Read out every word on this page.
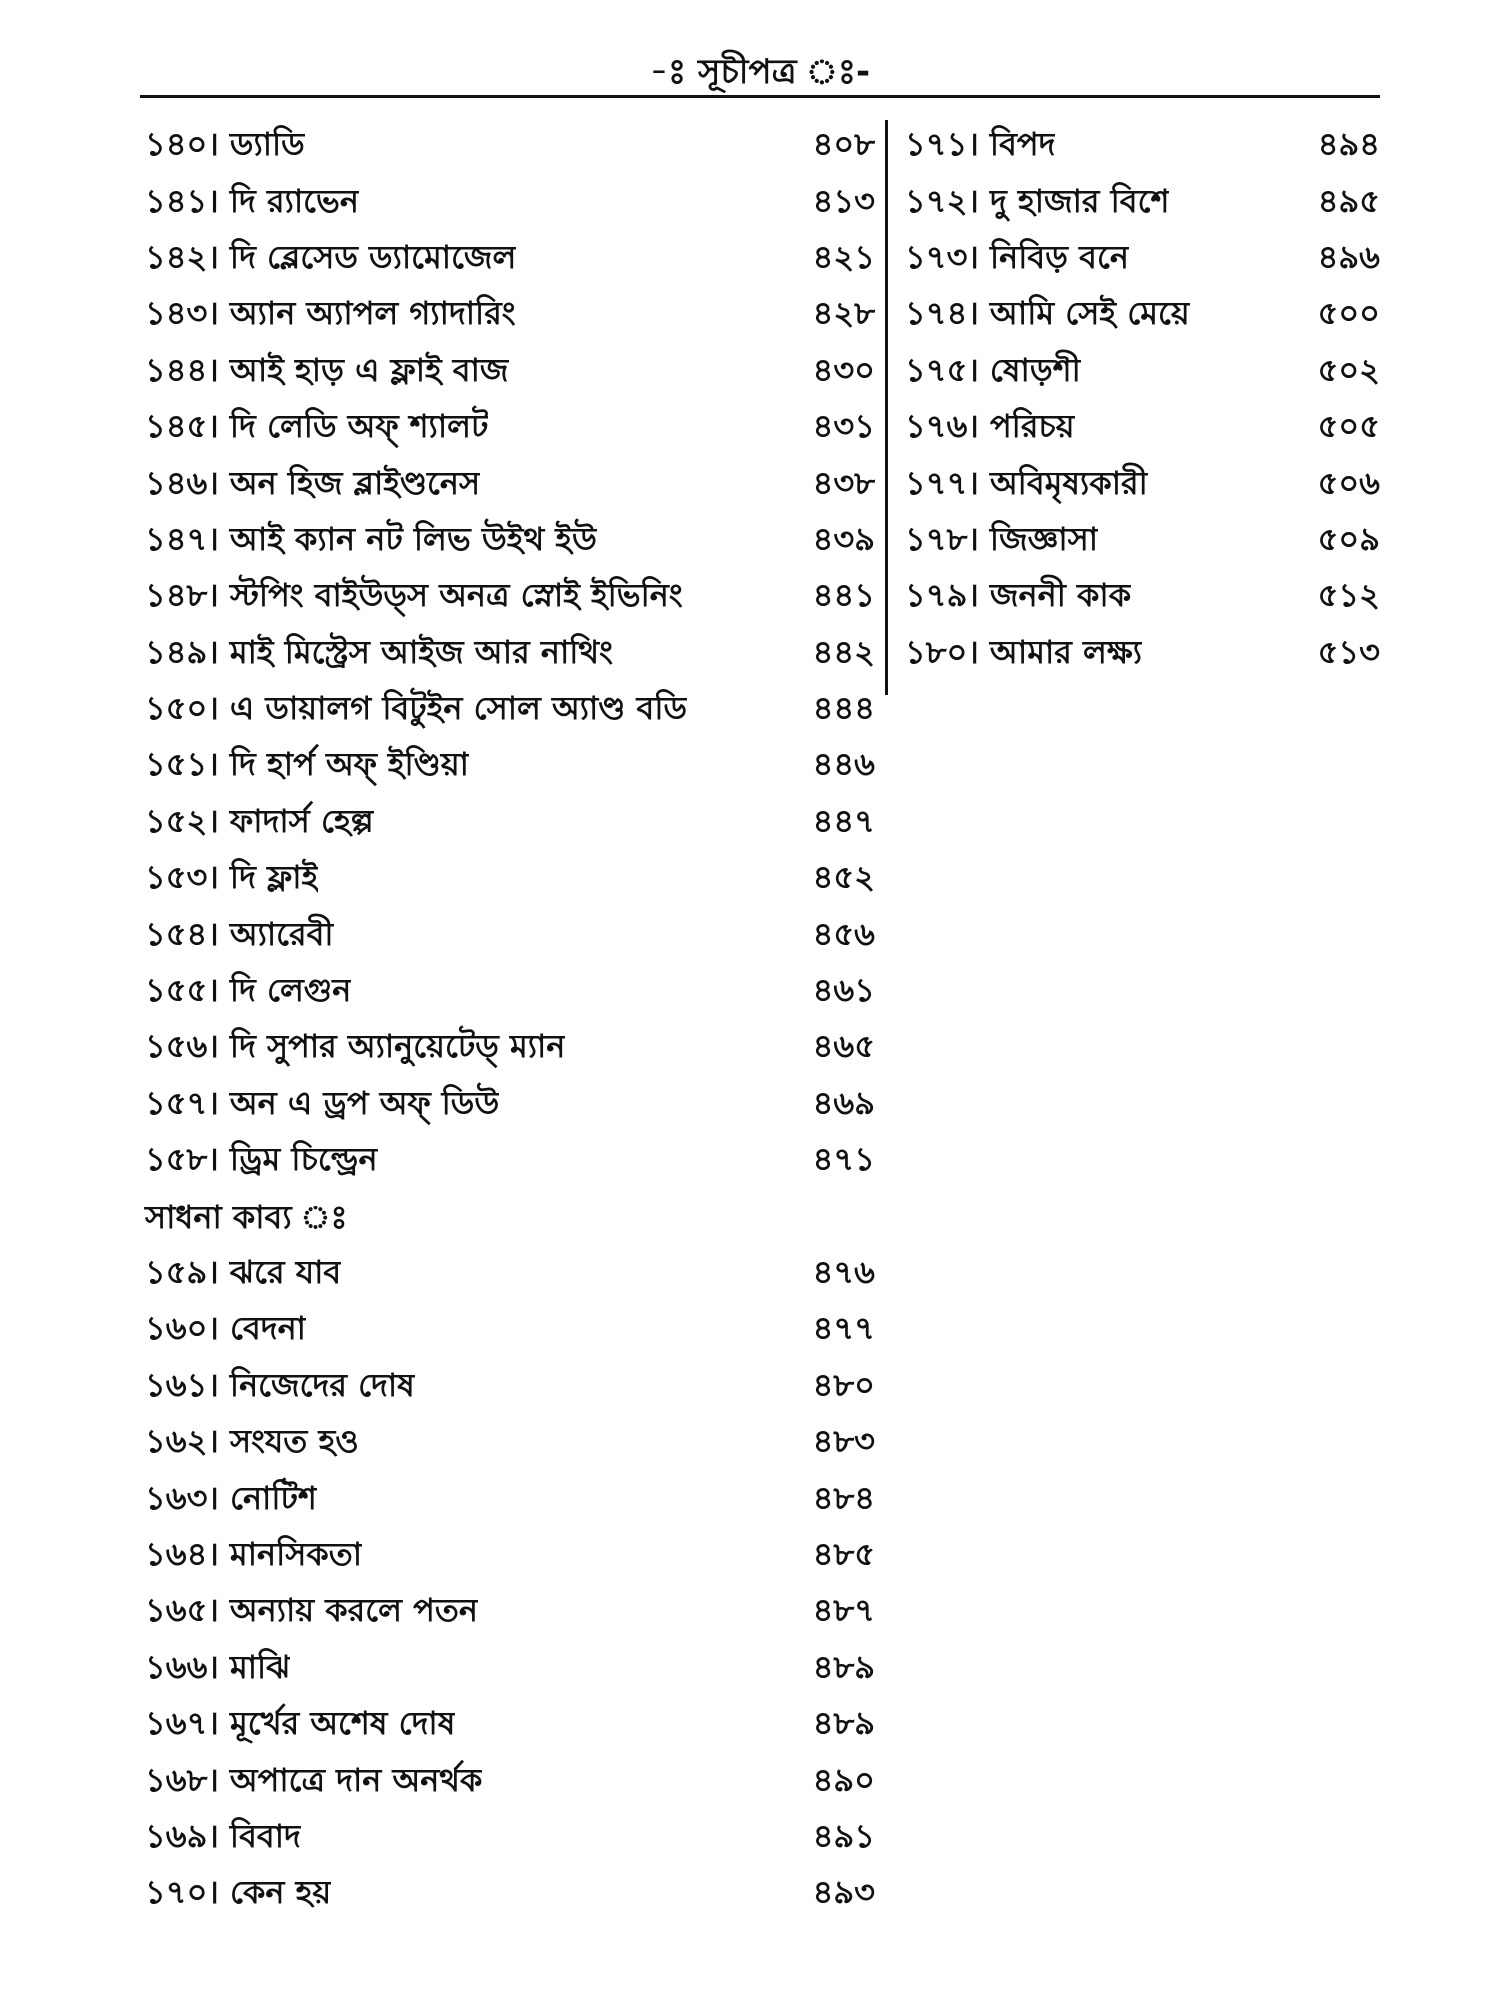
-ঃ সূচীপত্র ঃ-
১৪০। ড্যাডি	৪০৮
১৪১। দি র‍্যাভেন	৪১৩
১৪২। দি ব্লেসেড ড্যামোজেল	৪২১
১৪৩। অ্যান অ্যাপল গ্যাদারিং	৪২৮
১৪৪। আই হাড় এ ফ্লাই বাজ	৪৩০
১৪৫। দি লেডি অফ্ শ্যালট	৪৩১
১৪৬। অন হিজ ব্লাইণ্ডনেস	৪৩৮
১৪৭। আই ক্যান নট লিভ উইথ ইউ	৪৩৯
১৪৮। স্টপিং বাইউড্স অনত্র স্নোই ইভিনিং	৪৪১
১৪৯। মাই মিস্ট্রেস আইজ আর নাথিং	৪৪২
১৫০। এ ডায়ালগ বিটুইন সোল অ্যাণ্ড বডি	৪৪৪
১৫১। দি হার্প অফ্ ইণ্ডিয়া	৪৪৬
১৫২। ফাদার্স হেল্প	৪৪৭
১৫৩। দি ফ্লাই	৪৫২
১৫৪। অ্যারেবী	৪৫৬
১৫৫। দি লেগুন	৪৬১
১৫৬। দি সুপার অ্যানুয়েটেড্ ম্যান	৪৬৫
১৫৭। অন এ ড্রপ অফ্ ডিউ	৪৬৯
১৫৮। ড্রিম চিল্ড্রেন	৪৭১
সাধনা কাব্য ঃ
১৫৯। ঝরে যাব	৪৭৬
১৬০। বেদনা	৪৭৭
১৬১। নিজেদের দোষ	৪৮০
১৬২। সংযত হও	৪৮৩
১৬৩। নোটিশ	৪৮৪
১৬৪। মানসিকতা	৪৮৫
১৬৫। অন্যায় করলে পতন	৪৮৭
১৬৬। মাঝি	৪৮৯
১৬৭। মূর্খের অশেষ দোষ	৪৮৯
১৬৮। অপাত্রে দান অনর্থক	৪৯০
১৬৯। বিবাদ	৪৯১
১৭০। কেন হয়	৪৯৩
১৭১। বিপদ	৪৯৪
১৭২। দু হাজার বিশে	৪৯৫
১৭৩। নিবিড় বনে	৪৯৬
১৭৪। আমি সেই মেয়ে	৫০০
১৭৫। ষোড়শী	৫০২
১৭৬। পরিচয়	৫০৫
১৭৭। অবিমৃষ্যকারী	৫০৬
১৭৮। জিজ্ঞাসা	৫০৯
১৭৯। জননী কাক	৫১২
১৮০। আমার লক্ষ্য	৫১৩
